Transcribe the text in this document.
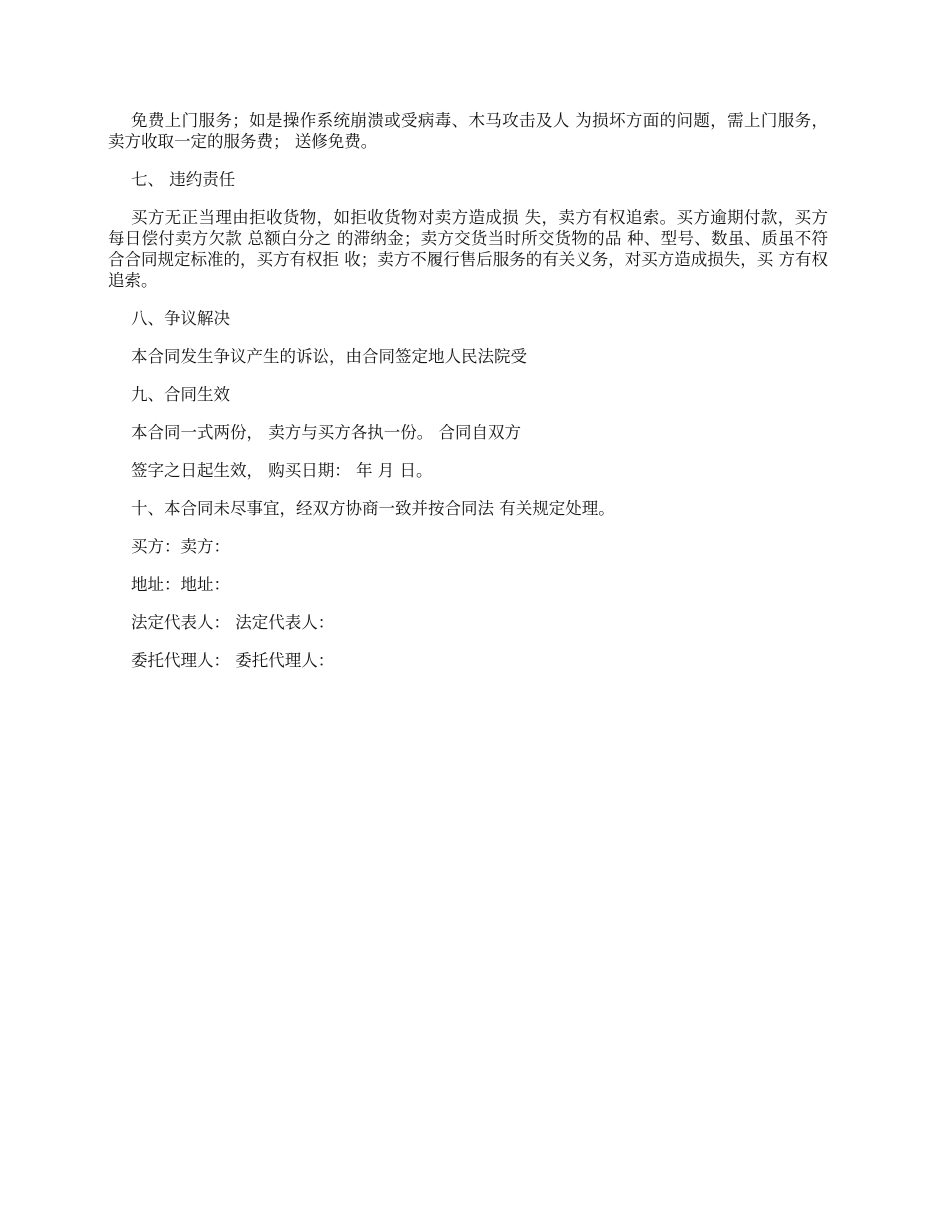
免费上门服务；如是操作系统崩溃或受病毒、木马攻击及人 为损坏方面的问题，需上门服务，卖方收取一定的服务费； 送修免费。

七、 违约责任

买方无正当理由拒收货物，如拒收货物对卖方造成损 失，卖方有权追索。买方逾期付款，买方每日偿付卖方欠款 总额白分之 的滞纳金；卖方交货当时所交货物的品 种、型号、数虽、质虽不符合合同规定标准的，买方有权拒 收；卖方不履行售后服务的有关义务，对买方造成损失，买 方有权追索。

八、争议解决

本合同发生争议产生的诉讼，由合同签定地人民法院受

九、合同生效

本合同一式两份， 卖方与买方各执一份。 合同自双方

签字之日起生效， 购买日期： 年 月 日。

十、本合同未尽事宜，经双方协商一致并按合同法 有关规定处理。

买方：卖方：

地址：地址：

法定代表人： 法定代表人：

委托代理人： 委托代理人：
